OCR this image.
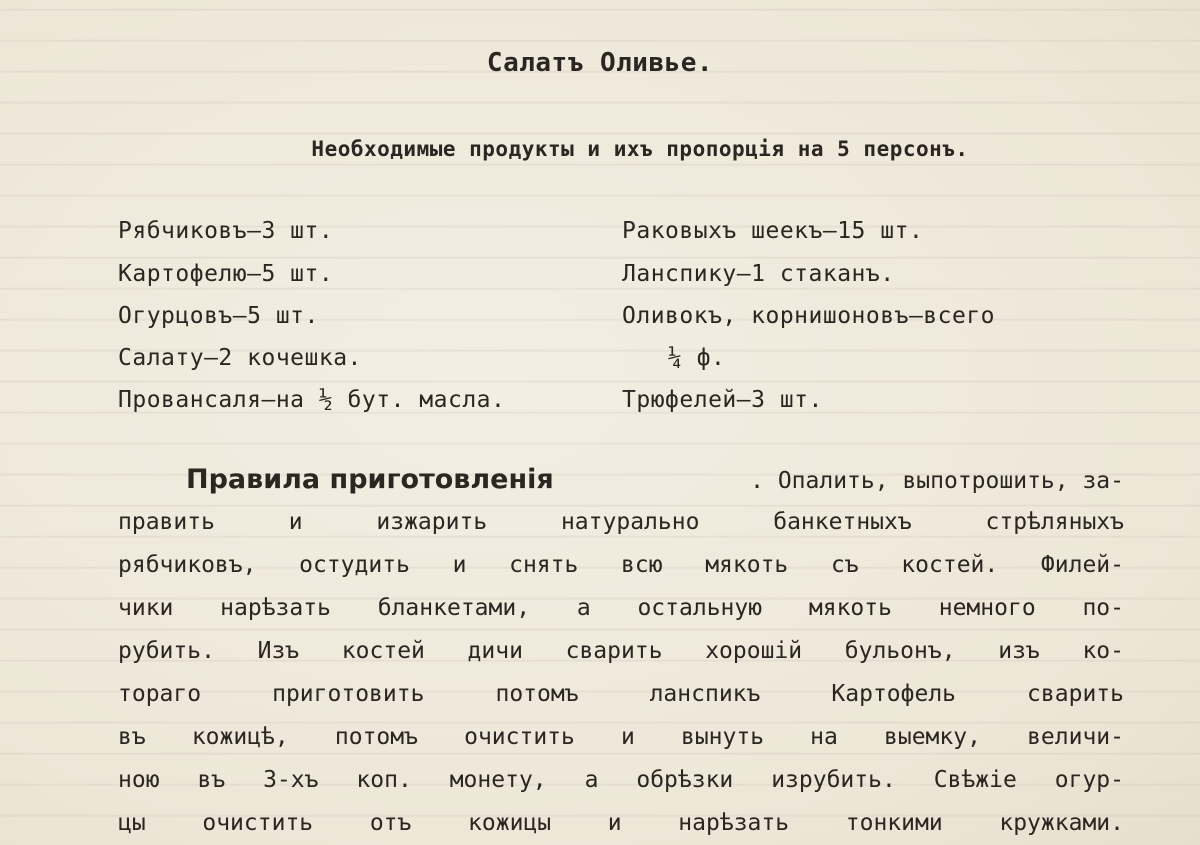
Салатъ Оливье.
Необходимые продукты и ихъ пропорція на 5 персонъ.
Рябчиковъ—3 шт.
Картофелю—5 шт.
Огурцовъ—5 шт.
Салату—2 кочешка.
Провансаля—на ½ бут. масла.
Раковыхъ шеекъ—15 шт.
Ланспику—1 стаканъ.
Оливокъ, корнишоновъ—всего
¼ ф.
Трюфелей—3 шт.
Правила приготовленія	. Опалить, выпотрошить, за-
править и изжарить натурально банкетныхъ стрѣляныхъ
рябчиковъ, остудить и снять всю мякоть съ костей. Филей-
чики нарѣзать бланкетами, а остальную мякоть немного по-
рубить. Изъ костей дичи сварить хорошій бульонъ, изъ ко-
тораго приготовить потомъ ланспикъ Картофель сварить
въ кожицѣ, потомъ очистить и вынуть на выемку, величи-
ною въ 3-хъ коп. монету, а обрѣзки изрубить. Свѣжіе огур-
цы очистить отъ кожицы и нарѣзать тонкими кружками.
